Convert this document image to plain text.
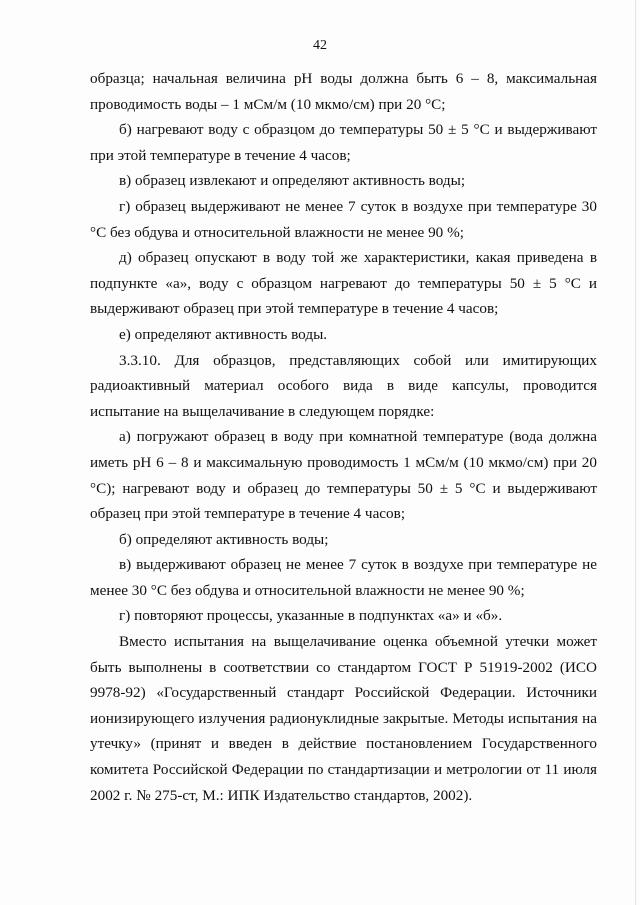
42

образца; начальная величина pH воды должна быть 6 – 8, максимальная проводимость воды – 1 мСм/м (10 мкмо/см) при 20 °С;

б) нагревают воду с образцом до температуры 50 ± 5 °С и выдерживают при этой температуре в течение 4 часов;

в) образец извлекают и определяют активность воды;

г) образец выдерживают не менее 7 суток в воздухе при температуре 30 °С без обдува и относительной влажности не менее 90 %;

д) образец опускают в воду той же характеристики, какая приведена в подпункте «а», воду с образцом нагревают до температуры 50 ± 5 °С и выдерживают образец при этой температуре в течение 4 часов;

е) определяют активность воды.

3.3.10. Для образцов, представляющих собой или имитирующих радиоактивный материал особого вида в виде капсулы, проводится испытание на выщелачивание в следующем порядке:

а) погружают образец в воду при комнатной температуре (вода должна иметь pH 6 – 8 и максимальную проводимость 1 мСм/м (10 мкмо/см) при 20 °С); нагревают воду и образец до температуры 50 ± 5 °С и выдерживают образец при этой температуре в течение 4 часов;

б) определяют активность воды;

в) выдерживают образец не менее 7 суток в воздухе при температуре не менее 30 °С без обдува и относительной влажности не менее 90 %;

г) повторяют процессы, указанные в подпунктах «а» и «б».

Вместо испытания на выщелачивание оценка объемной утечки может быть выполнены в соответствии со стандартом ГОСТ Р 51919-2002 (ИСО 9978-92) «Государственный стандарт Российской Федерации. Источники ионизирующего излучения радионуклидные закрытые. Методы испытания на утечку» (принят и введен в действие постановлением Государственного комитета Российской Федерации по стандартизации и метрологии от 11 июля 2002 г. № 275-ст, М.: ИПК Издательство стандартов, 2002).
